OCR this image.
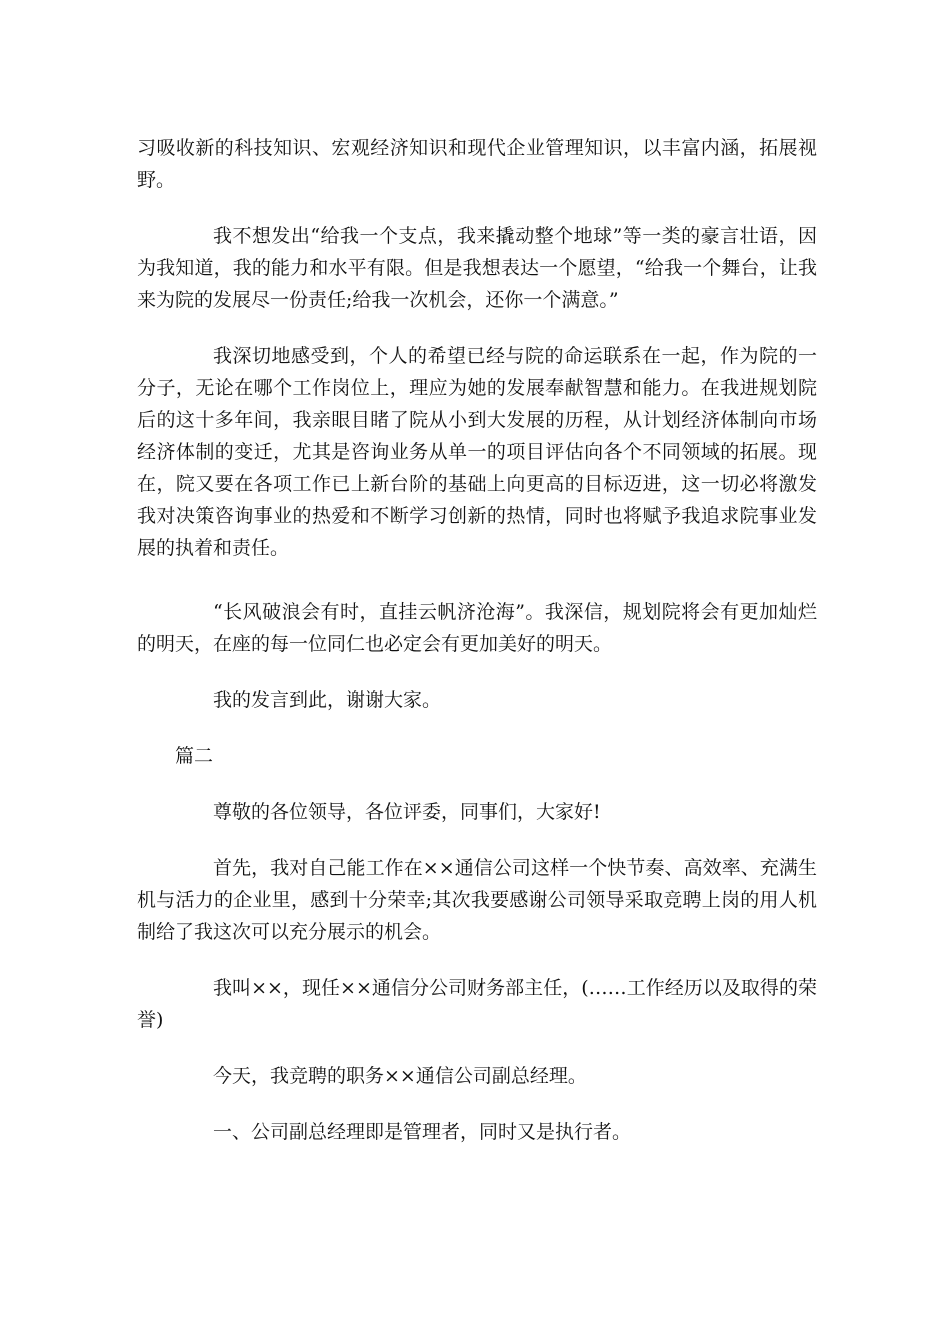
习吸收新的科技知识、宏观经济知识和现代企业管理知识，以丰富内涵，拓展视野。

我不想发出“给我一个支点，我来撬动整个地球”等一类的豪言壮语，因为我知道，我的能力和水平有限。但是我想表达一个愿望，“给我一个舞台，让我来为院的发展尽一份责任;给我一次机会，还你一个满意。”

我深切地感受到，个人的希望已经与院的命运联系在一起，作为院的一分子，无论在哪个工作岗位上，理应为她的发展奉献智慧和能力。在我进规划院后的这十多年间，我亲眼目睹了院从小到大发展的历程，从计划经济体制向市场经济体制的变迁，尤其是咨询业务从单一的项目评估向各个不同领域的拓展。现在，院又要在各项工作已上新台阶的基础上向更高的目标迈进，这一切必将激发我对决策咨询事业的热爱和不断学习创新的热情，同时也将赋予我追求院事业发展的执着和责任。

“长风破浪会有时，直挂云帆济沧海”。我深信，规划院将会有更加灿烂的明天，在座的每一位同仁也必定会有更加美好的明天。

我的发言到此，谢谢大家。

篇二

尊敬的各位领导，各位评委，同事们，大家好!

首先，我对自己能工作在××通信公司这样一个快节奏、高效率、充满生机与活力的企业里，感到十分荣幸;其次我要感谢公司领导采取竞聘上岗的用人机制给了我这次可以充分展示的机会。

我叫××，现任××通信分公司财务部主任，(……工作经历以及取得的荣誉)

今天，我竞聘的职务××通信公司副总经理。

一、公司副总经理即是管理者，同时又是执行者。
